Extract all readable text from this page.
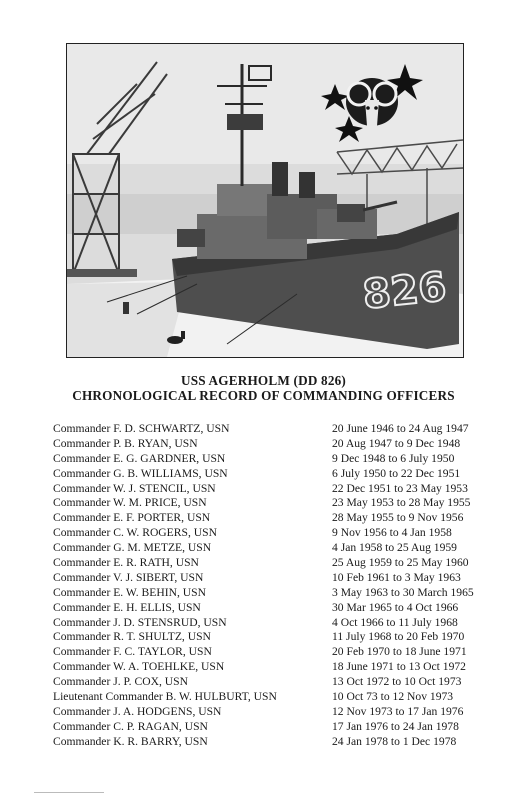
826
USS AGERHOLM (DD 826)
CHRONOLOGICAL RECORD OF COMMANDING OFFICERS
Commander F. D. SCHWARTZ, USN	20 June 1946 to 24 Aug 1947
Commander P. B. RYAN, USN	20 Aug 1947 to 9 Dec 1948
Commander E. G. GARDNER, USN	9 Dec 1948 to 6 July 1950
Commander G. B. WILLIAMS, USN	6 July 1950 to 22 Dec 1951
Commander W. J. STENCIL, USN	22 Dec 1951 to 23 May 1953
Commander W. M. PRICE, USN	23 May 1953 to 28 May 1955
Commander E. F. PORTER, USN	28 May 1955 to 9 Nov 1956
Commander C. W. ROGERS, USN	9 Nov 1956 to 4 Jan 1958
Commander G. M. METZE, USN	4 Jan 1958 to 25 Aug 1959
Commander E. R. RATH, USN	25 Aug 1959 to 25 May 1960
Commander V. J. SIBERT, USN	10 Feb 1961 to 3 May 1963
Commander E. W. BEHIN, USN	3 May 1963 to 30 March 1965
Commander E. H. ELLIS, USN	30 Mar 1965 to 4 Oct 1966
Commander J. D. STENSRUD, USN	4 Oct 1966 to 11 July 1968
Commander R. T. SHULTZ, USN	11 July 1968 to 20 Feb 1970
Commander F. C. TAYLOR, USN	20 Feb 1970 to 18 June 1971
Commander W. A. TOEHLKE, USN	18 June 1971 to 13 Oct 1972
Commander J. P. COX, USN	13 Oct 1972 to 10 Oct 1973
Lieutenant Commander B. W. HULBURT, USN	10 Oct 73 to 12 Nov 1973
Commander J. A. HODGENS, USN	12 Nov 1973 to 17 Jan 1976
Commander C. P. RAGAN, USN	17 Jan 1976 to 24 Jan 1978
Commander K. R. BARRY, USN	24 Jan 1978 to 1 Dec 1978
